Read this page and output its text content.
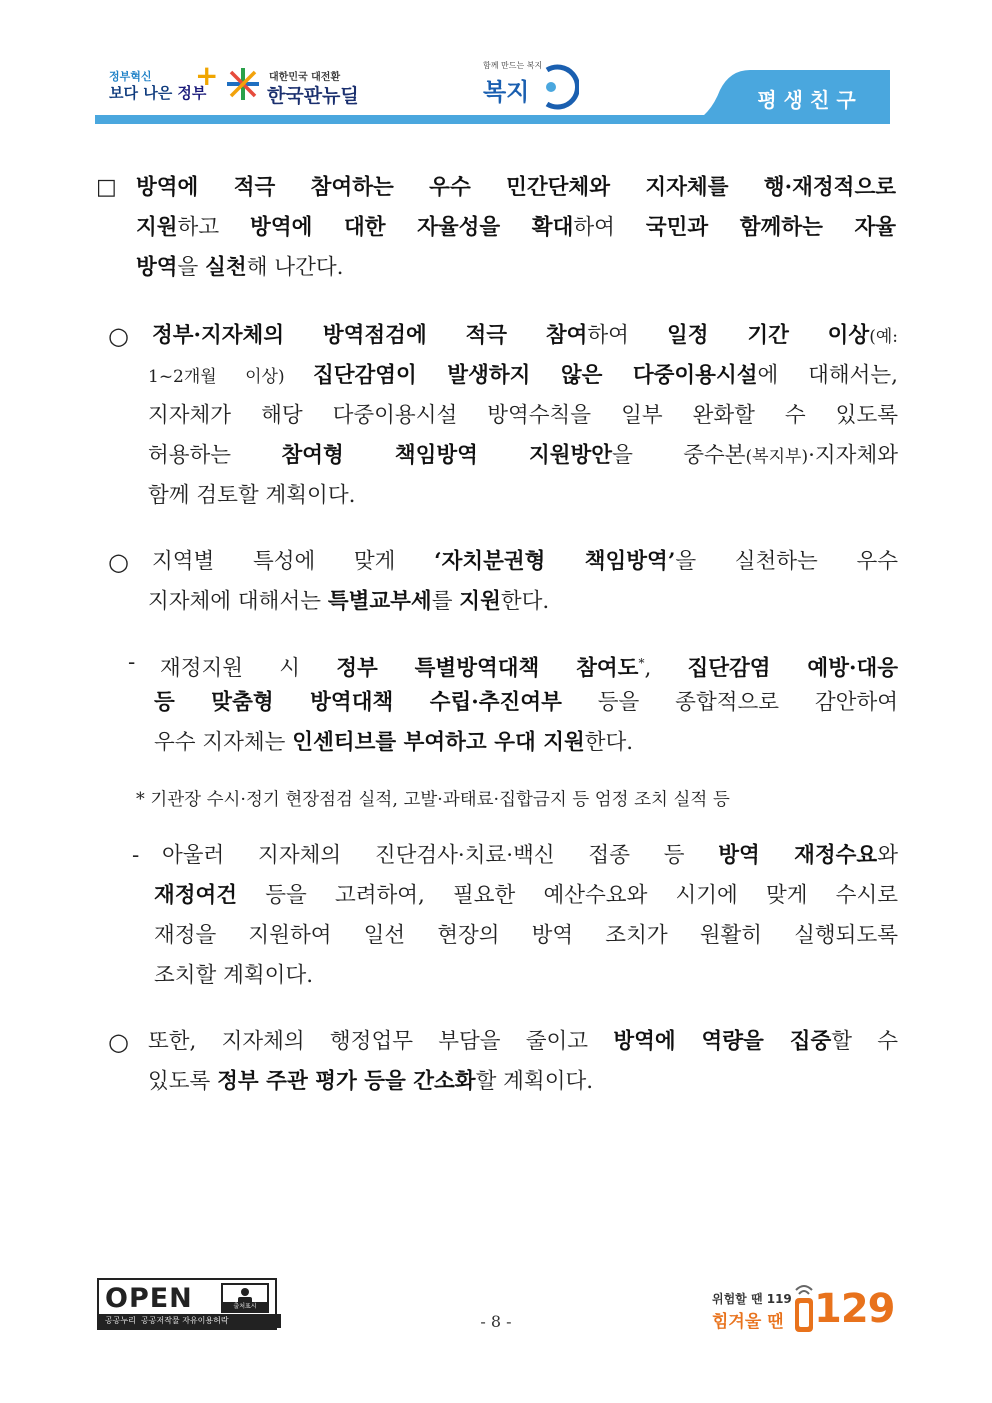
정부혁신
보다 나은 정부
+	대한민국 대전환
한국판뉴딜
함께 만드는 복지
복지	평생친구
□ 방역에 적극 참여하는 우수 민간단체와 지자체를 행·재정적으로
지원하고 방역에 대한 자율성을 확대하여 국민과 함께하는 자율
방역을 실천해 나간다.
○ 정부·지자체의 방역점검에 적극 참여하여 일정 기간 이상(예:
1~2개월 이상) 집단감염이 발생하지 않은 다중이용시설에 대해서는,
지자체가 해당 다중이용시설 방역수칙을 일부 완화할 수 있도록
허용하는 참여형 책임방역 지원방안을 중수본(복지부)·지자체와
함께 검토할 계획이다.
○ 지역별 특성에 맞게 ‘자치분권형 책임방역’을 실천하는 우수
지자체에 대해서는 특별교부세를 지원한다.
- 재정지원 시 정부 특별방역대책 참여도*, 집단감염 예방·대응
등 맞춤형 방역대책 수립·추진여부 등을 종합적으로 감안하여
우수 지자체는 인센티브를 부여하고 우대 지원한다.
* 기관장 수시·정기 현장점검 실적, 고발·과태료·집합금지 등 엄정 조치 실적 등
- 아울러 지자체의 진단검사·치료·백신 접종 등 방역 재정수요와
재정여건 등을 고려하여, 필요한 예산수요와 시기에 맞게 수시로
재정을 지원하여 일선 현장의 방역 조치가 원활히 실행되도록
조치할 계획이다.
○ 또한, 지자체의 행정업무 부담을 줄이고 방역에 역량을 집중할 수
있도록 정부 주관 평가 등을 간소화할 계획이다.
OPEN	출처표시
공공누리 공공저작물 자유이용허락	- 8 -
위험할 땐 119
힘겨울 땐 129
